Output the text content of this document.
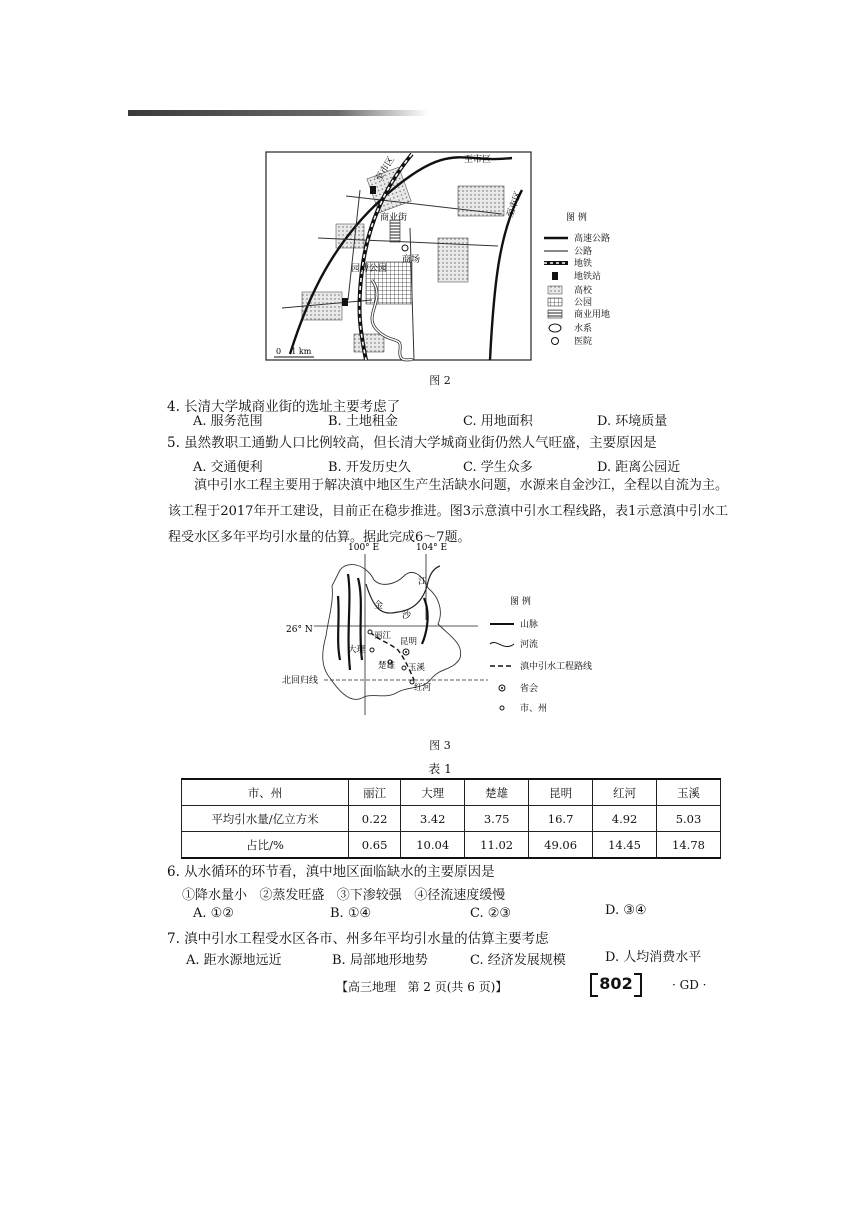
至市区	至市区
至市区
商业街
商场
园博公园
0    1 km
图 例
高速公路
公路
地铁
地铁站
高校
公园
商业用地
水系
医院
图 2
4. 长清大学城商业街的选址主要考虑了
A. 服务范围	B. 土地租金	C. 用地面积	D. 环境质量
5. 虽然教职工通勤人口比例较高，但长清大学城商业街仍然人气旺盛，主要原因是
A. 交通便利	B. 开发历史久	C. 学生众多	D. 距离公园近

滇中引水工程主要用于解决滇中地区生产生活缺水问题，水源来自金沙江，全程以自流为主。该工程于2017年开工建设，目前正在稳步推进。图3示意滇中引水工程线路，表1示意滇中引水工程受水区多年平均引水量的估算。据此完成6～7题。

100° E	104° E
26° N
北回归线
金
沙
江
丽江
大理
昆明
楚雄 玉溪
红河
图 例
山脉
河流
滇中引水工程路线
省会
市、州
图 3
表 1
市、州	丽江	大理	楚雄	昆明	红河	玉溪
平均引水量/亿立方米	0.22	3.42	3.75	16.7	4.92	5.03
占比/%	0.65	10.04	11.02	49.06	14.45	14.78
6. 从水循环的环节看，滇中地区面临缺水的主要原因是
①降水量小   ②蒸发旺盛   ③下渗较强   ④径流速度缓慢
A. ①②	B. ①④	C. ②③	D. ③④
7. 滇中引水工程受水区各市、州多年平均引水量的估算主要考虑
A. 距水源地远近	B. 局部地形地势	C. 经济发展规模	D. 人均消费水平
【高三地理   第 2 页(共 6 页)】	802	· GD ·
